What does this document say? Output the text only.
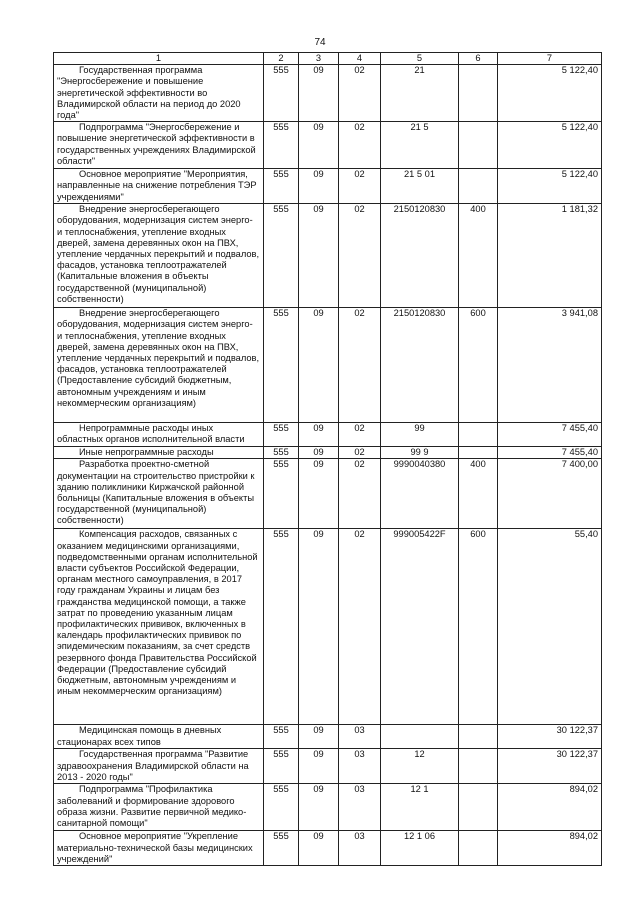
74
1	2	3	4	5	6	7
Государственная программа "Энергосбережение и повышение энергетической эффективности во Владимирской области на период до 2020 года"	555	09	02	21		5 122,40
Подпрограмма "Энергосбережение и повышение энергетической эффективности в государственных учреждениях Владимирской области"	555	09	02	21 5		5 122,40
Основное мероприятие "Мероприятия, направленные на снижение потребления ТЭР учреждениями"	555	09	02	21 5 01		5 122,40
Внедрение энергосберегающего оборудования, модернизация систем энерго- и теплоснабжения, утепление входных дверей, замена деревянных окон на ПВХ, утепление чердачных перекрытий и подвалов, фасадов, установка теплоотражателей (Капитальные вложения в объекты государственной (муниципальной) собственности)	555	09	02	2150120830	400	1 181,32
Внедрение энергосберегающего оборудования, модернизация систем энерго- и теплоснабжения, утепление входных дверей, замена деревянных окон на ПВХ, утепление чердачных перекрытий и подвалов, фасадов, установка теплоотражателей (Предоставление субсидий бюджетным, автономным учреждениям и иным некоммерческим организациям)	555	09	02	2150120830	600	3 941,08
Непрограммные расходы иных областных органов исполнительной власти	555	09	02	99		7 455,40
Иные непрограммные расходы	555	09	02	99 9		7 455,40
Разработка проектно-сметной документации на строительство пристройки к зданию поликлиники Киржачской районной больницы (Капитальные вложения в объекты государственной (муниципальной) собственности)	555	09	02	9990040380	400	7 400,00
Компенсация расходов, связанных с оказанием медицинскими организациями, подведомственными органам исполнительной власти субъектов Российской Федерации, органам местного самоуправления, в 2017 году гражданам Украины и лицам без гражданства медицинской помощи, а также затрат по проведению указанным лицам профилактических прививок, включенных в календарь профилактических прививок по эпидемическим показаниям, за счет средств резервного фонда Правительства Российской Федерации (Предоставление субсидий бюджетным, автономным учреждениям и иным некоммерческим организациям)	555	09	02	999005422F	600	55,40
Медицинская помощь в дневных стационарах всех типов	555	09	03			30 122,37
Государственная программа "Развитие здравоохранения Владимирской области на 2013 - 2020 годы"	555	09	03	12		30 122,37
Подпрограмма "Профилактика заболеваний и формирование здорового образа жизни. Развитие первичной медико-санитарной помощи"	555	09	03	12 1		894,02
Основное мероприятие "Укрепление материально-технической базы медицинских учреждений"	555	09	03	12 1 06		894,02
